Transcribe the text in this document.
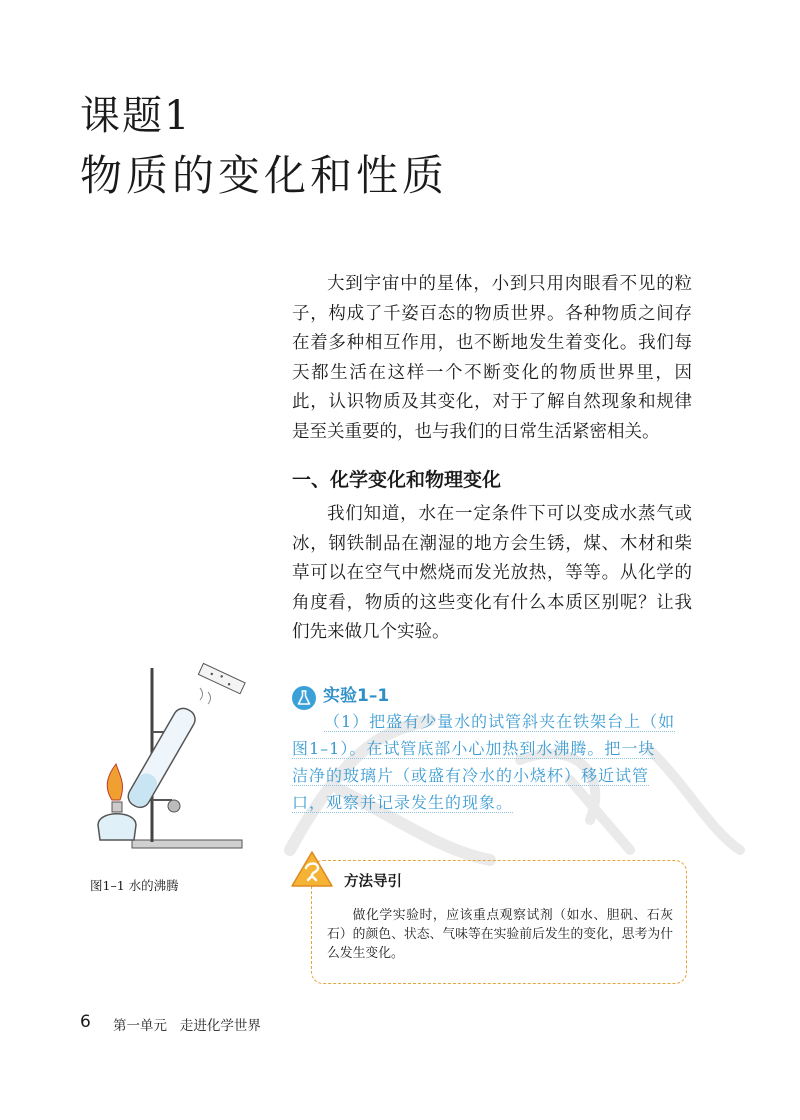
课题1
物质的变化和性质

大到宇宙中的星体，小到只用肉眼看不见的粒子，构成了千姿百态的物质世界。各种物质之间存在着多种相互作用，也不断地发生着变化。我们每天都生活在这样一个不断变化的物质世界里，因此，认识物质及其变化，对于了解自然现象和规律是至关重要的，也与我们的日常生活紧密相关。

一、化学变化和物理变化

我们知道，水在一定条件下可以变成水蒸气或冰，钢铁制品在潮湿的地方会生锈，煤、木材和柴草可以在空气中燃烧而发光放热，等等。从化学的角度看，物质的这些变化有什么本质区别呢？让我们先来做几个实验。

图1–1 水的沸腾
实验1–1
（1）把盛有少量水的试管斜夹在铁架台上（如
图1–1）。在试管底部小心加热到水沸腾。把一块
洁净的玻璃片（或盛有冷水的小烧杯）移近试管
口，观察并记录发生的现象。
方法导引

做化学实验时，应该重点观察试剂（如水、胆矾、石灰石）的颜色、状态、气味等在实验前后发生的变化，思考为什么发生变化。

6 第一单元   走进化学世界
